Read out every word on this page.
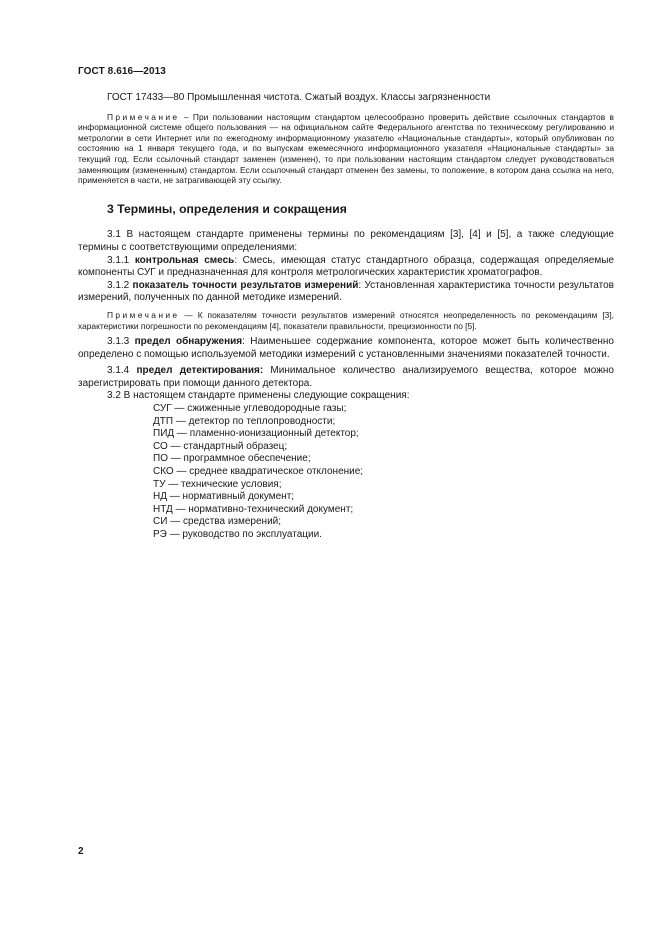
ГОСТ 8.616—2013
ГОСТ 17433—80 Промышленная чистота. Сжатый воздух. Классы загрязненности

Примечание – При пользовании настоящим стандартом целесообразно проверить действие ссылочных стандартов в информационной системе общего пользования — на официальном сайте Федерального агентства по техническому регулированию и метрологии в сети Интернет или по ежегодному информационному указателю «Национальные стандарты», который опубликован по состоянию на 1 января текущего года, и по выпускам ежемесячного информационного указателя «Национальные стандарты» за текущий год. Если ссылочный стандарт заменен (изменен), то при пользовании настоящим стандартом следует руководствоваться заменяющим (измененным) стандартом. Если ссылочный стандарт отменен без замены, то положение, в котором дана ссылка на него, применяется в части, не затрагивающей эту ссылку.

3 Термины, определения и сокращения

3.1 В настоящем стандарте применены термины по рекомендациям [3], [4] и [5], а также следующие термины с соответствующими определениями:

3.1.1 контрольная смесь: Смесь, имеющая статус стандартного образца, содержащая определяемые компоненты СУГ и предназначенная для контроля метрологических характеристик хроматографов.

3.1.2 показатель точности результатов измерений: Установленная характеристика точности результатов измерений, полученных по данной методике измерений.

Примечание — К показателям точности результатов измерений относятся неопределенность по рекомендациям [3], характеристики погрешности по рекомендациям [4], показатели правильности, прецизионности по [5].

3.1.3 предел обнаружения: Наименьшее содержание компонента, которое может быть количественно определено с помощью используемой методики измерений с установленными значениями показателей точности.

3.1.4 предел детектирования: Минимальное количество анализируемого вещества, которое можно зарегистрировать при помощи данного детектора.

3.2 В настоящем стандарте применены следующие сокращения:

СУГ — сжиженные углеводородные газы;
ДТП — детектор по теплопроводности;
ПИД — пламенно-ионизационный детектор;
СО — стандартный образец;
ПО — программное обеспечение;
СКО — среднее квадратическое отклонение;
ТУ — технические условия;
НД — нормативный документ;
НТД — нормативно-технический документ;
СИ — средства измерений;
РЭ — руководство по эксплуатации.
2
